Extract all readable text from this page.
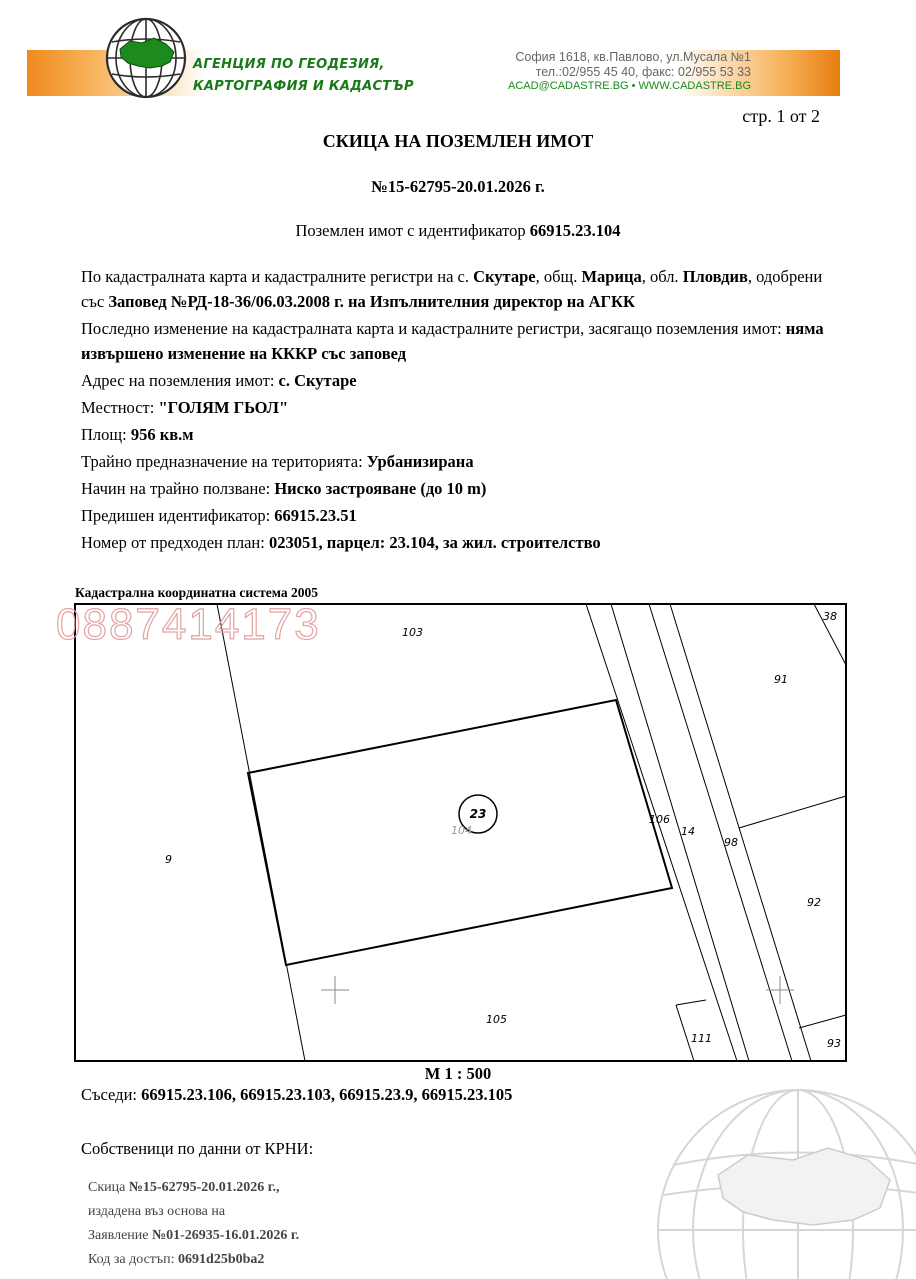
АГЕНЦИЯ ПО ГЕОДЕЗИЯ,
КАРТОГРАФИЯ И КАДАСТЪР
София 1618, кв.Павлово, ул.Мусала №1
тел.:02/955 45 40, факс: 02/955 53 33
ACAD@CADASTRE.BG • WWW.CADASTRE.BG
стр. 1 от 2
СКИЦА НА ПОЗЕМЛЕН ИМОТ
№15-62795-20.01.2026 г.
Поземлен имот с идентификатор 66915.23.104

По кадастралната карта и кадастралните регистри на с. Скутаре, общ. Марица, обл. Пловдив, одобрени със Заповед №РД-18-36/06.03.2008 г. на Изпълнителния директор на АГКК

Последно изменение на кадастралната карта и кадастралните регистри, засягащо поземления имот: няма извършено изменение на КККР със заповед

Адрес на поземления имот: с. Скутаре

Местност: "ГОЛЯМ ГЬОЛ"

Площ: 956 кв.м

Трайно предназначение на територията: Урбанизирана

Начин на трайно ползване: Ниско застрояване (до 10 m)

Предишен идентификатор: 66915.23.51

Номер от предходен план: 023051, парцел: 23.104, за жил. строителство

Кадастрална координатна система 2005
103
38
91
9
23
104
106
14
98
92
105
111	93
0887414173
М 1 : 500
Съседи: 66915.23.106, 66915.23.103, 66915.23.9, 66915.23.105
Собственици по данни от КРНИ:
Скица №15-62795-20.01.2026 г.,
издадена въз основа на
Заявление №01-26935-16.01.2026 г.
Код за достъп: 0691d25b0ba2
